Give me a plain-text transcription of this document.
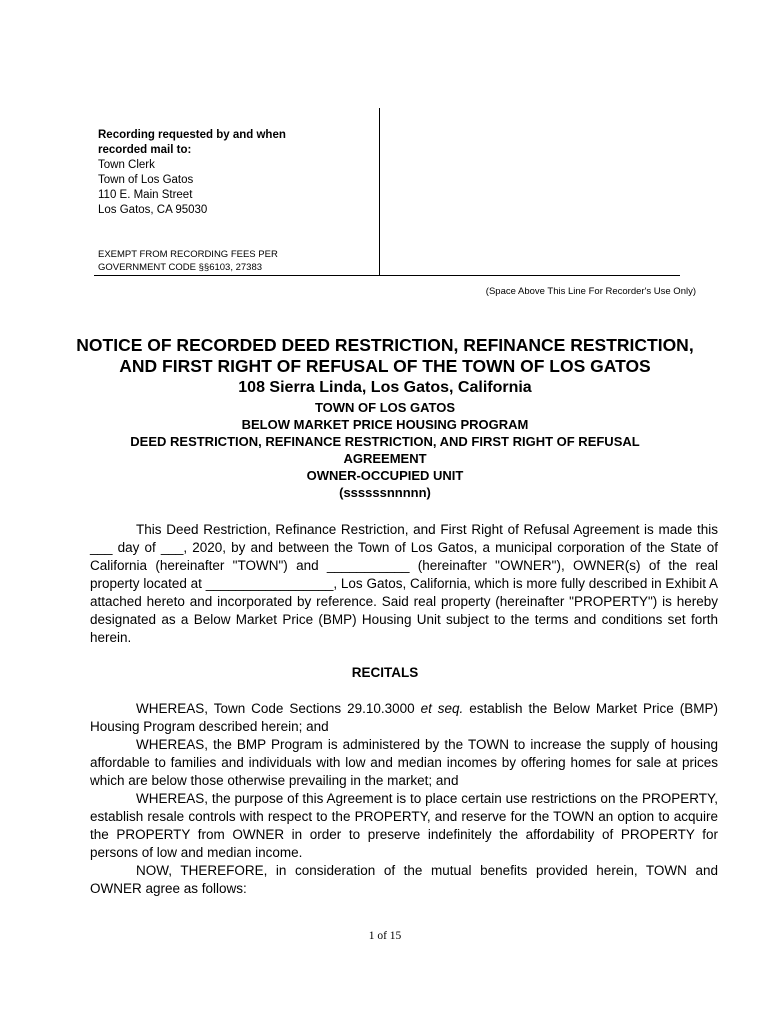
Recording requested by and when
recorded mail to:
Town Clerk
Town of Los Gatos
110 E. Main Street
Los Gatos, CA 95030
EXEMPT FROM RECORDING FEES PER
GOVERNMENT CODE §§6103, 27383
(Space Above This Line For Recorder's Use Only)
NOTICE OF RECORDED DEED RESTRICTION, REFINANCE RESTRICTION,
AND FIRST RIGHT OF REFUSAL OF THE TOWN OF LOS GATOS
108 Sierra Linda, Los Gatos, California
TOWN OF LOS GATOS
BELOW MARKET PRICE HOUSING PROGRAM
DEED RESTRICTION, REFINANCE RESTRICTION, AND FIRST RIGHT OF REFUSAL
AGREEMENT
OWNER-OCCUPIED UNIT
(ssssssnnnnn)

This Deed Restriction, Refinance Restriction, and First Right of Refusal Agreement is made this ___ day of ___, 2020, by and between the Town of Los Gatos, a municipal corporation of the State of California (hereinafter "TOWN") and ___________ (hereinafter "OWNER"), OWNER(s) of the real property located at _________________, Los Gatos, California, which is more fully described in Exhibit A attached hereto and incorporated by reference. Said real property (hereinafter "PROPERTY") is hereby designated as a Below Market Price (BMP) Housing Unit subject to the terms and conditions set forth herein.

RECITALS

WHEREAS, Town Code Sections 29.10.3000 et seq. establish the Below Market Price (BMP) Housing Program described herein; and

WHEREAS, the BMP Program is administered by the TOWN to increase the supply of housing affordable to families and individuals with low and median incomes by offering homes for sale at prices which are below those otherwise prevailing in the market; and

WHEREAS, the purpose of this Agreement is to place certain use restrictions on the PROPERTY, establish resale controls with respect to the PROPERTY, and reserve for the TOWN an option to acquire the PROPERTY from OWNER in order to preserve indefinitely the affordability of PROPERTY for persons of low and median income.

NOW, THEREFORE, in consideration of the mutual benefits provided herein, TOWN and OWNER agree as follows:

1 of 15
